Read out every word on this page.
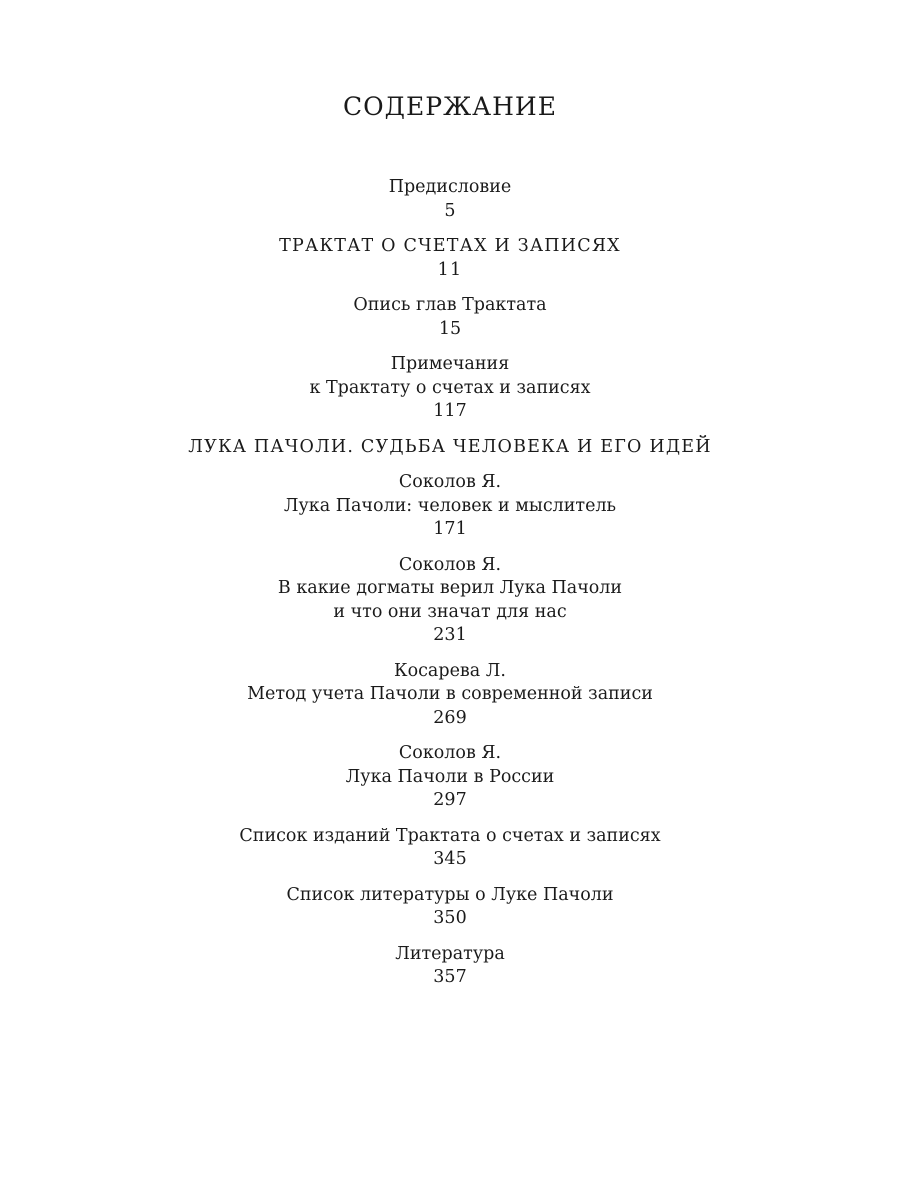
СОДЕРЖАНИЕ
Предисловие
5
ТРАКТАТ О СЧЕТАХ И ЗАПИСЯХ
11
Опись глав Трактата
15
Примечания
к Трактату о счетах и записях
117
ЛУКА ПАЧОЛИ. СУДЬБА ЧЕЛОВЕКА И ЕГО ИДЕЙ
Соколов Я.
Лука Пачоли: человек и мыслитель
171
Соколов Я.
В какие догматы верил Лука Пачоли
и что они значат для нас
231
Косарева Л.
Метод учета Пачоли в современной записи
269
Соколов Я.
Лука Пачоли в России
297
Список изданий Трактата о счетах и записях
345
Список литературы о Луке Пачоли
350
Литература
357
